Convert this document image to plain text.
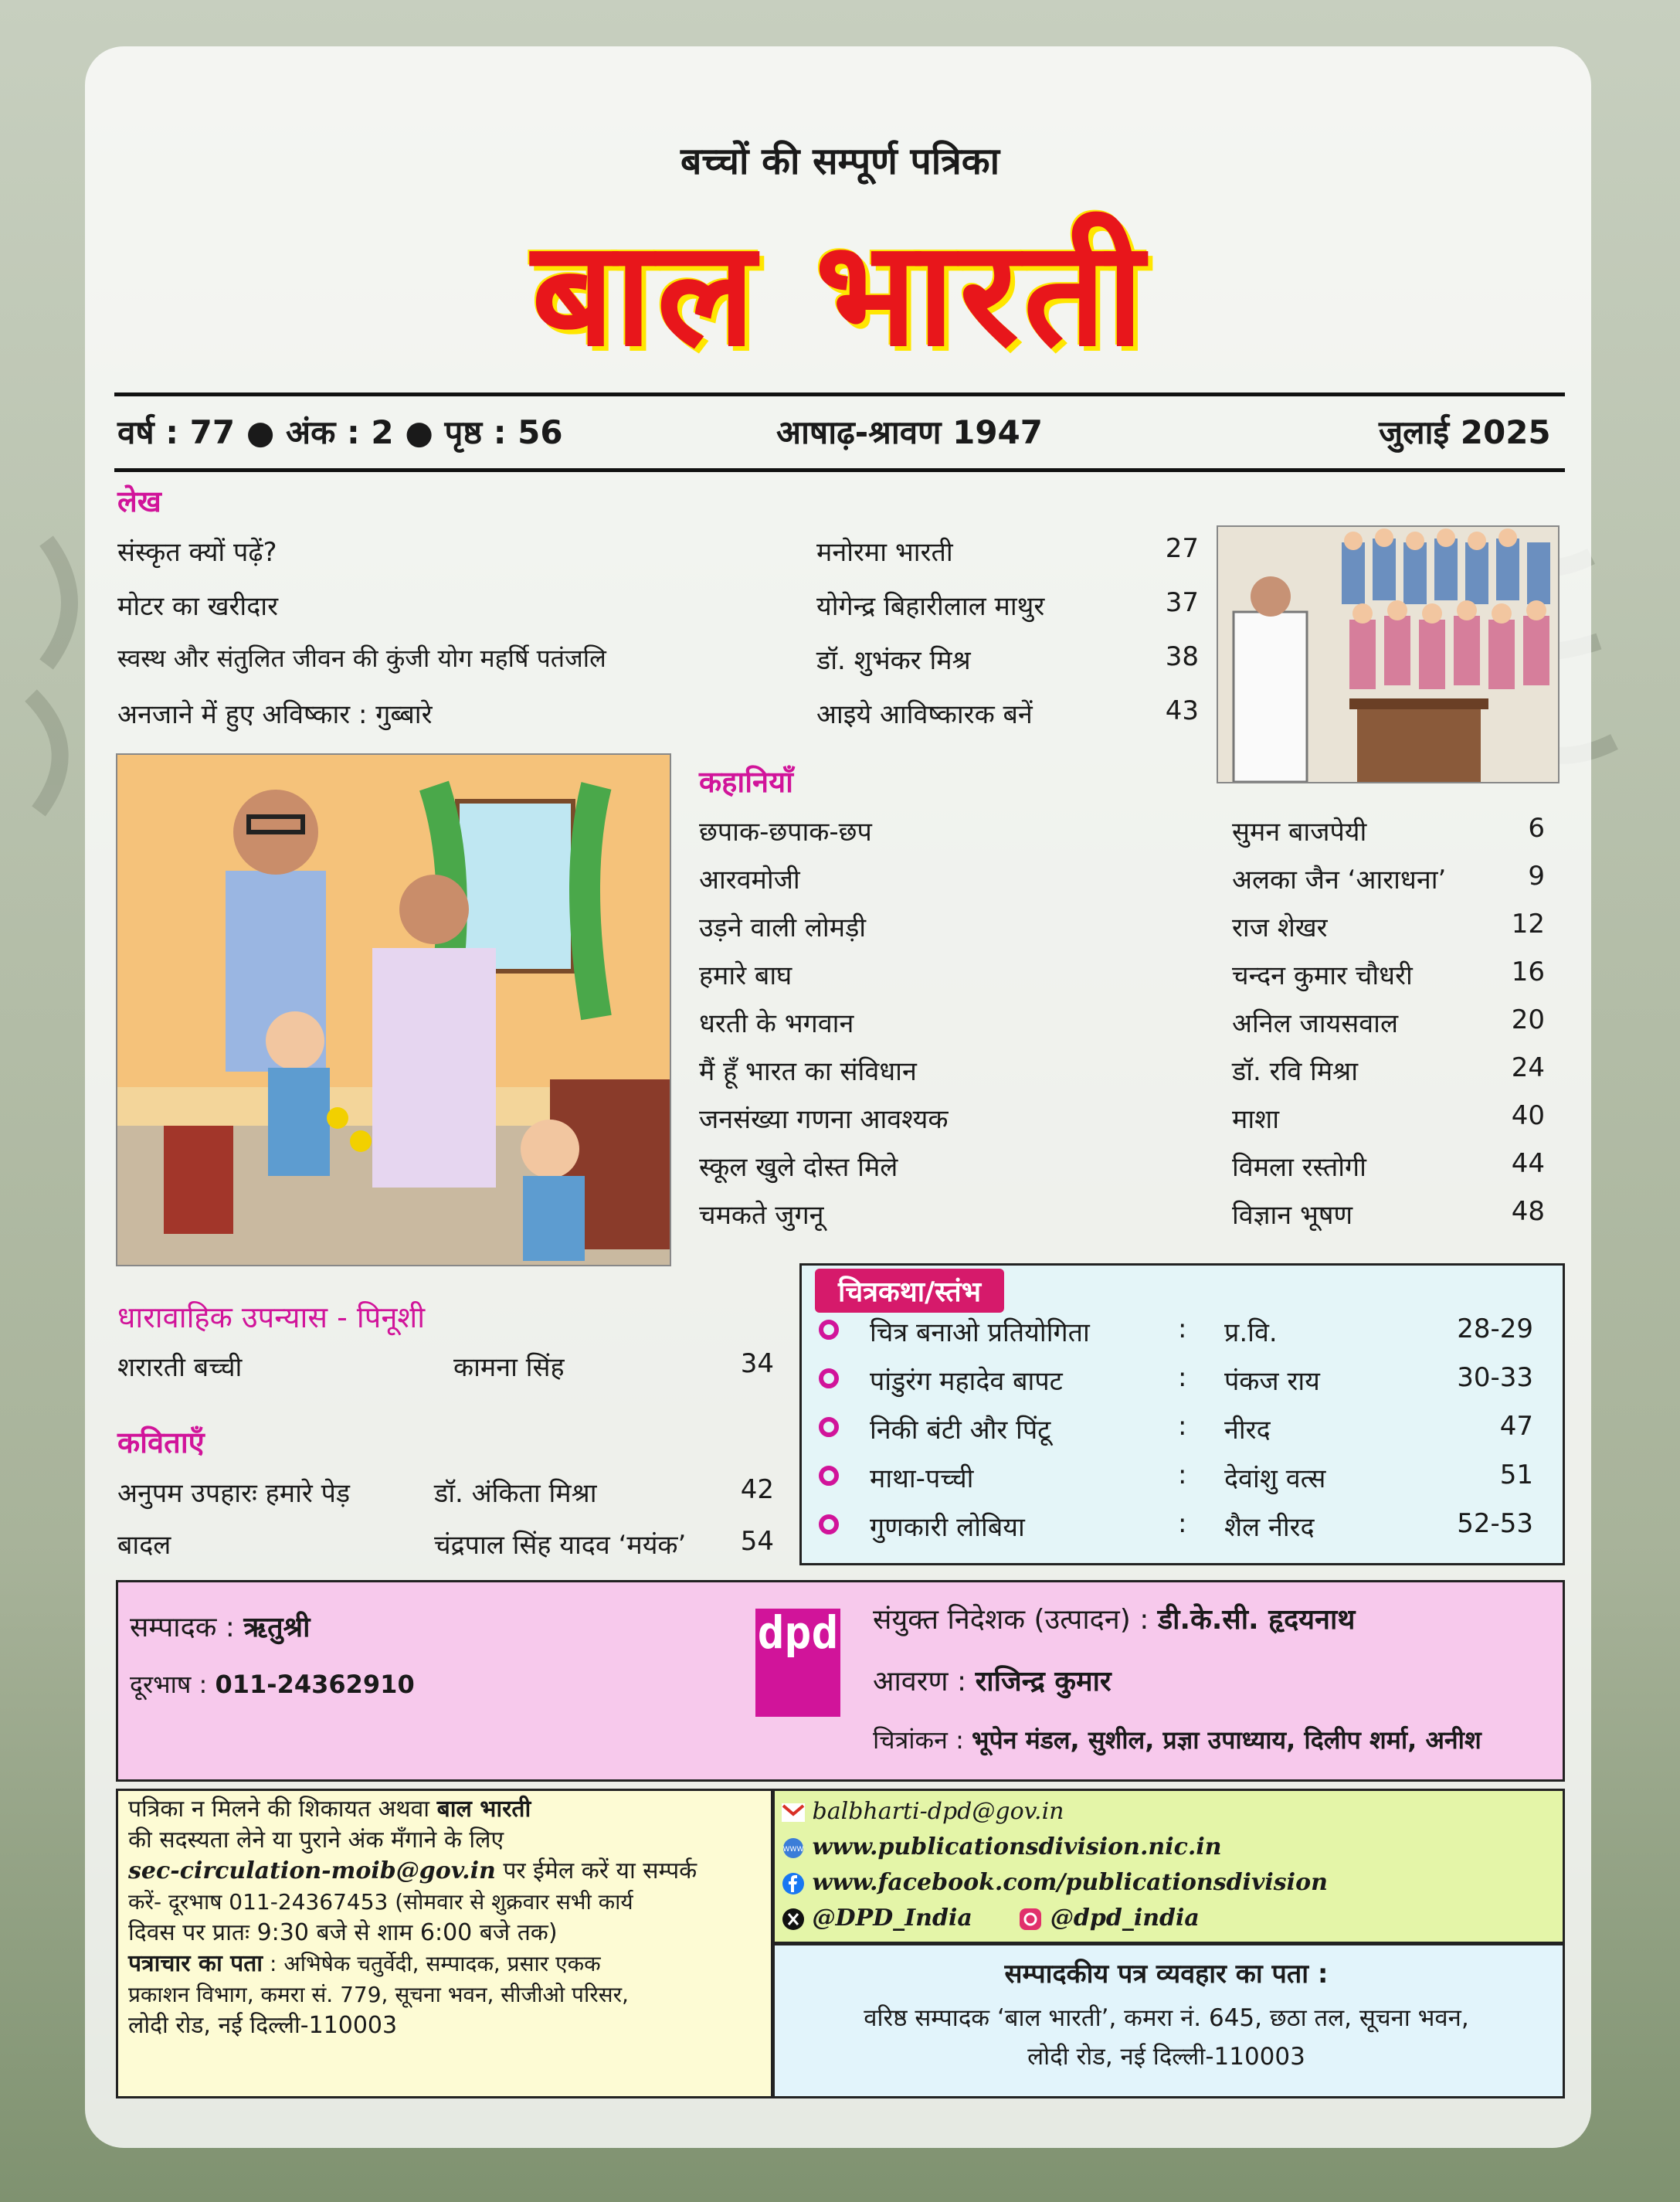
बच्चों की सम्पूर्ण पत्रिका
बाल भारती
वर्ष : 77 ● अंक : 2 ● पृष्ठ : 56	आषाढ़-श्रावण 1947	जुलाई 2025
लेख
संस्कृत क्यों पढ़ें?	मनोरमा भारती	27
मोटर का खरीदार	योगेन्द्र बिहारीलाल माथुर	37
स्वस्थ और संतुलित जीवन की कुंजी योग महर्षि पतंजलि	डॉ. शुभंकर मिश्र	38
अनजाने में हुए अविष्कार : गुब्बारे	आइये आविष्कारक बनें	43
कहानियाँ
छपाक-छपाक-छप	सुमन बाजपेयी	6
आरवमोजी	अलका जैन ‘आराधना’	9
उड़ने वाली लोमड़ी	राज शेखर	12
हमारे बाघ	चन्दन कुमार चौधरी	16
धरती के भगवान	अनिल जायसवाल	20
मैं हूँ भारत का संविधान	डॉ. रवि मिश्रा	24
जनसंख्या गणना आवश्यक	माशा	40
स्कूल खुले दोस्त मिले	विमला रस्तोगी	44
चमकते जुगनू	विज्ञान भूषण	48
धारावाहिक उपन्यास - पिनूशी
शरारती बच्ची	कामना सिंह	34
कविताएँ
अनुपम उपहारः हमारे पेड़	डॉ. अंकिता मिश्रा	42
बादल	चंद्रपाल सिंह यादव ‘मयंक’	54
चित्रकथा/स्तंभ
चित्र बनाओ प्रतियोगिता	: प्र.वि.	28-29
पांडुरंग महादेव बापट	: पंकज राय	30-33
निकी बंटी और पिंटू	: नीरद	47
माथा-पच्ची	: देवांशु वत्स	51
गुणकारी लोबिया	: शैल नीरद	52-53
सम्पादक : ऋतुश्री
दूरभाष : 011-24362910
dpd संयुक्त निदेशक (उत्पादन) : डी.के.सी. हृदयनाथ
आवरण : राजिन्द्र कुमार
चित्रांकन : भूपेन मंडल, सुशील, प्रज्ञा उपाध्याय, दिलीप शर्मा, अनीश
पत्रिका न मिलने की शिकायत अथवा बाल भारती
की सदस्यता लेने या पुराने अंक मँगाने के लिए
sec-circulation-moib@gov.in पर ईमेल करें या सम्पर्क
करें- दूरभाष 011-24367453 (सोमवार से शुक्रवार सभी कार्य
दिवस पर प्रातः 9:30 बजे से शाम 6:00 बजे तक)
पत्राचार का पता : अभिषेक चतुर्वेदी, सम्पादक, प्रसार एकक
प्रकाशन विभाग, कमरा सं. 779, सूचना भवन, सीजीओ परिसर,
लोदी रोड, नई दिल्ली-110003
balbharti-dpd@gov.in
WWW www.publicationsdivision.nic.in
www.facebook.com/publicationsdivision
@DPD_India	@dpd_india
सम्पादकीय पत्र व्यवहार का पता :
वरिष्ठ सम्पादक ‘बाल भारती’, कमरा नं. 645, छठा तल, सूचना भवन,
लोदी रोड, नई दिल्ली-110003
